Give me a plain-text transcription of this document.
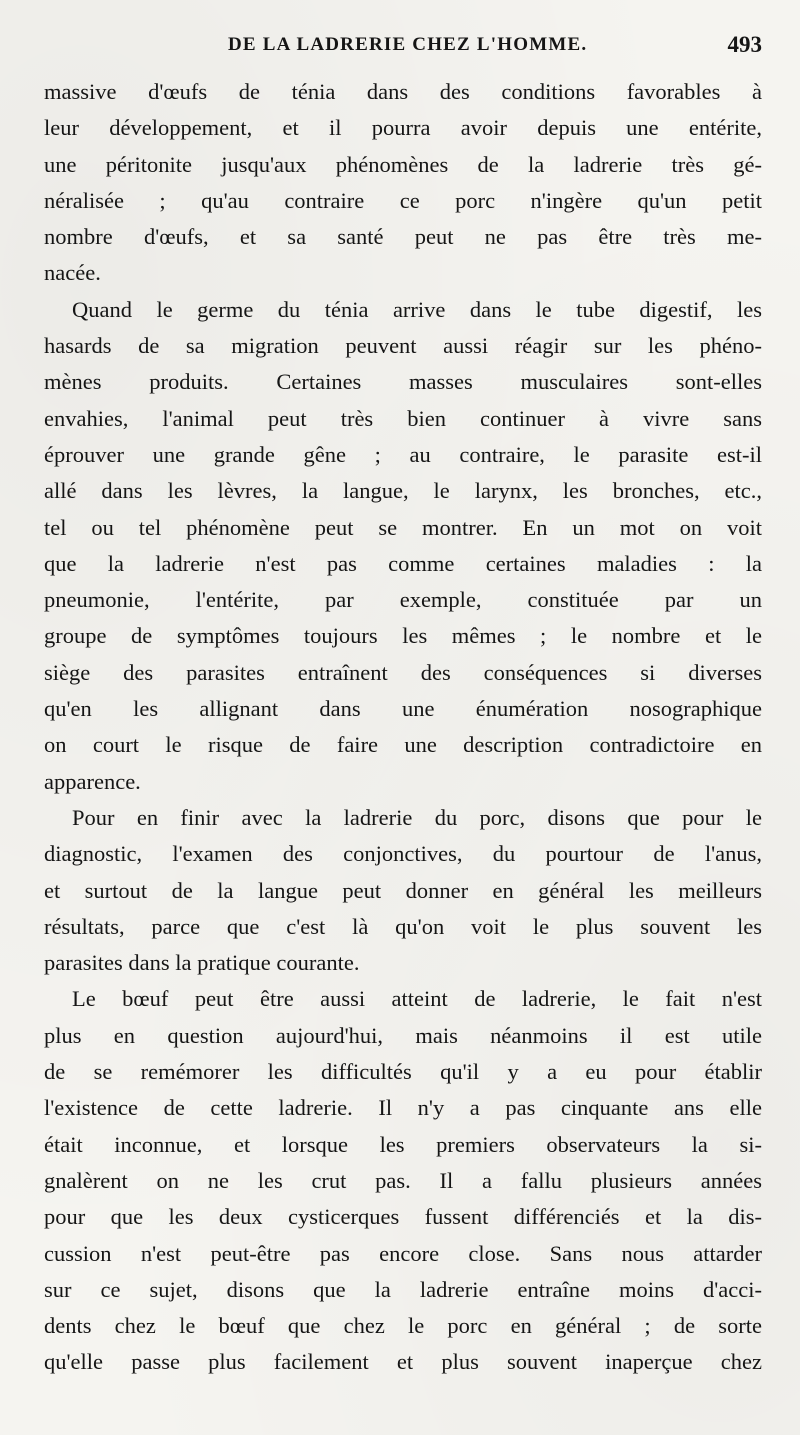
DE LA LADRERIE CHEZ L'HOMME.	493
massive d'œufs de ténia dans des conditions favorables à
leur développement, et il pourra avoir depuis une entérite,
une péritonite jusqu'aux phénomènes de la ladrerie très gé-
néralisée ; qu'au contraire ce porc n'ingère qu'un petit
nombre d'œufs, et sa santé peut ne pas être très me-
nacée.
Quand le germe du ténia arrive dans le tube digestif, les
hasards de sa migration peuvent aussi réagir sur les phéno-
mènes produits. Certaines masses musculaires sont-elles
envahies, l'animal peut très bien continuer à vivre sans
éprouver une grande gêne ; au contraire, le parasite est-il
allé dans les lèvres, la langue, le larynx, les bronches, etc.,
tel ou tel phénomène peut se montrer. En un mot on voit
que la ladrerie n'est pas comme certaines maladies : la
pneumonie, l'entérite, par exemple, constituée par un
groupe de symptômes toujours les mêmes ; le nombre et le
siège des parasites entraînent des conséquences si diverses
qu'en les allignant dans une énumération nosographique
on court le risque de faire une description contradictoire en
apparence.
Pour en finir avec la ladrerie du porc, disons que pour le
diagnostic, l'examen des conjonctives, du pourtour de l'anus,
et surtout de la langue peut donner en général les meilleurs
résultats, parce que c'est là qu'on voit le plus souvent les
parasites dans la pratique courante.
Le bœuf peut être aussi atteint de ladrerie, le fait n'est
plus en question aujourd'hui, mais néanmoins il est utile
de se remémorer les difficultés qu'il y a eu pour établir
l'existence de cette ladrerie. Il n'y a pas cinquante ans elle
était inconnue, et lorsque les premiers observateurs la si-
gnalèrent on ne les crut pas. Il a fallu plusieurs années
pour que les deux cysticerques fussent différenciés et la dis-
cussion n'est peut-être pas encore close. Sans nous attarder
sur ce sujet, disons que la ladrerie entraîne moins d'acci-
dents chez le bœuf que chez le porc en général ; de sorte
qu'elle passe plus facilement et plus souvent inaperçue chez
